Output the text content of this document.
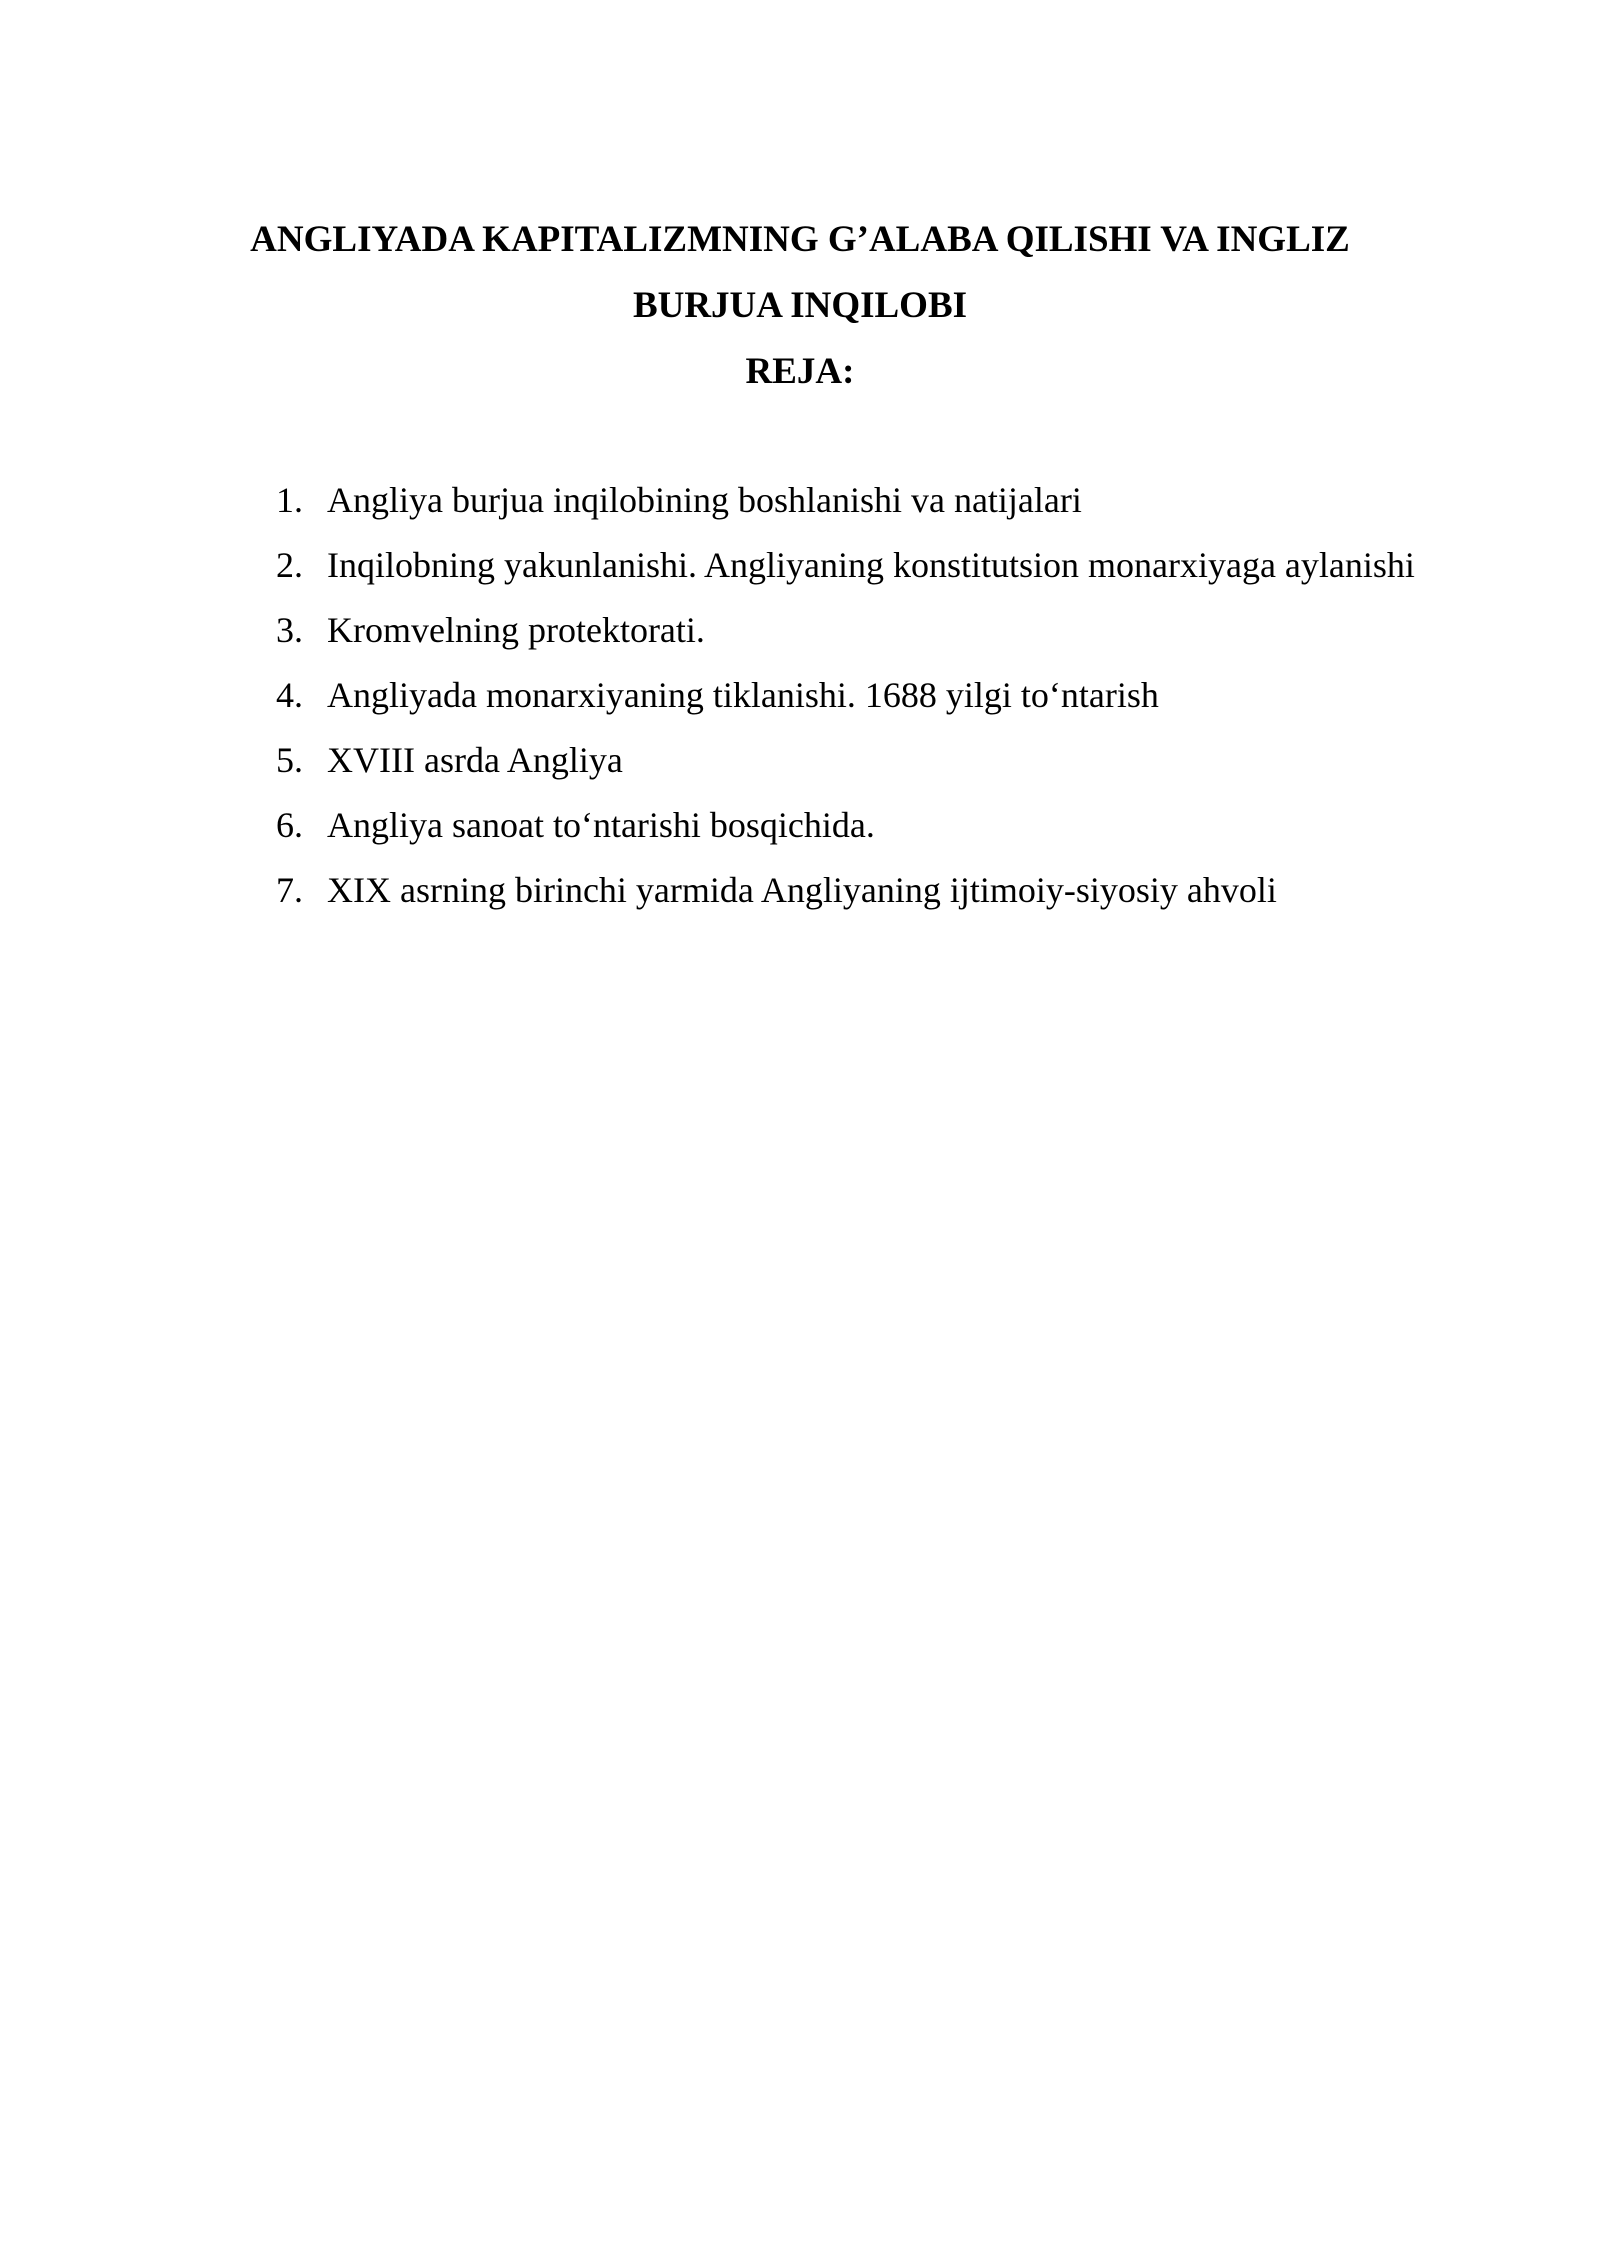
ANGLIYADA KAPITALIZMNING G’ALABA QILISHI VA INGLIZ
BURJUA INQILOBI
REJA:
1. Angliya burjua inqilobining boshlanishi va natijalari
2. Inqilobning yakunlanishi. Angliyaning konstitutsion monarxiyaga aylanishi
3. Kromvelning protektorati.
4. Angliyada monarxiyaning tiklanishi. 1688 yilgi to‘ntarish
5. XVIII asrda Angliya
6. Angliya sanoat to‘ntarishi bosqichida.
7. XIX asrning birinchi yarmida Angliyaning ijtimoiy-siyosiy ahvoli
